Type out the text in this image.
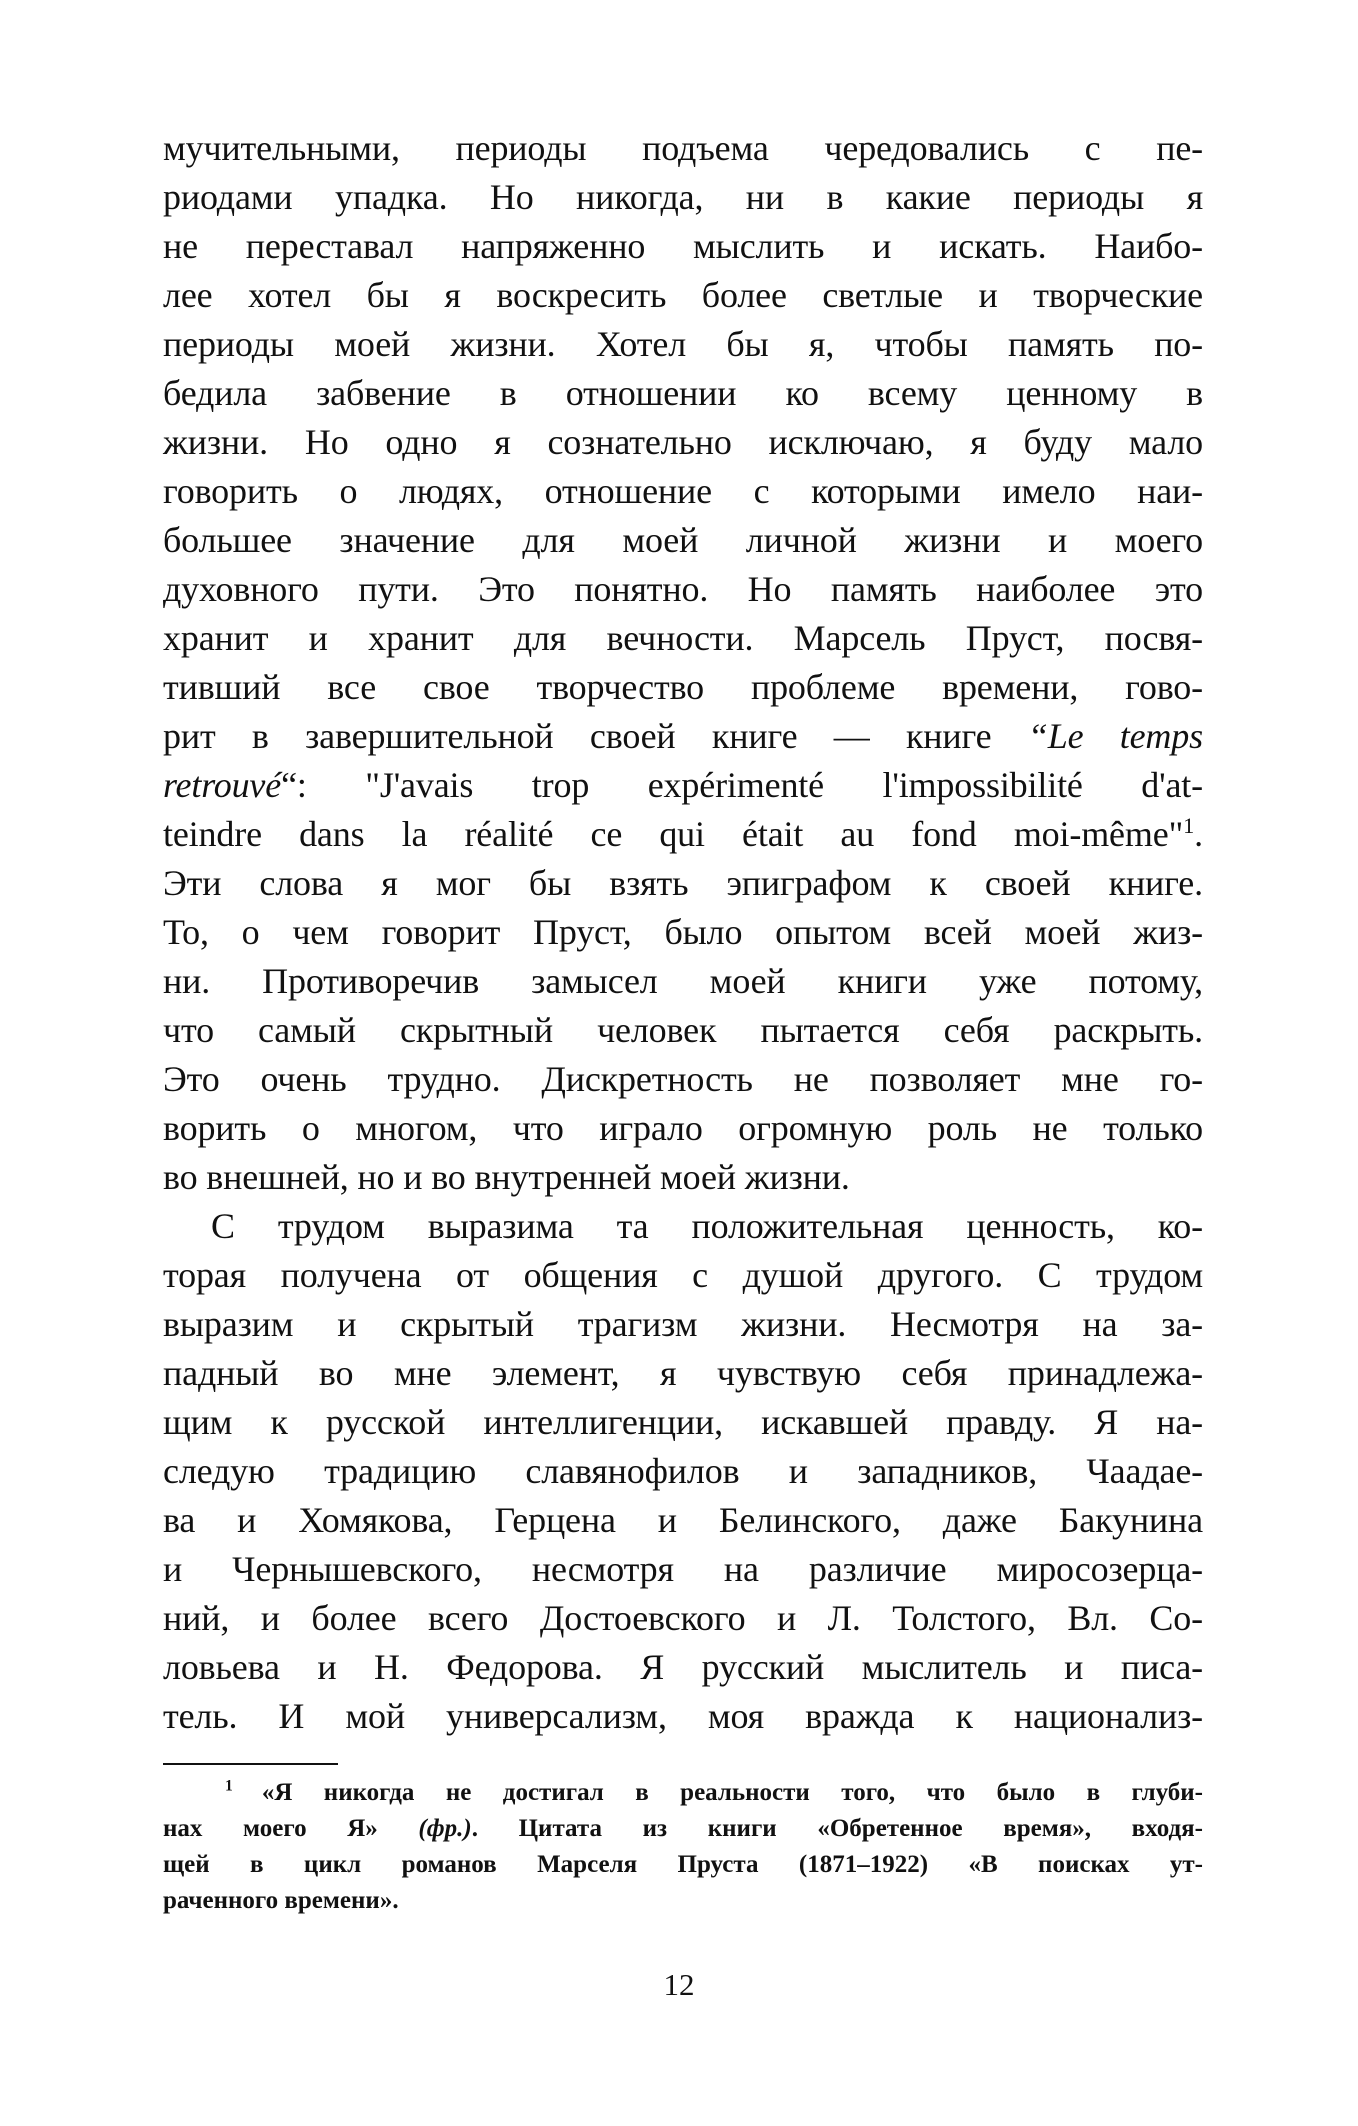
мучительными, периоды подъема чередовались с пе-
риодами упадка. Но никогда, ни в какие периоды я
не переставал напряженно мыслить и искать. Наибо-
лее хотел бы я воскресить более светлые и творческие
периоды моей жизни. Хотел бы я, чтобы память по-
бедила забвение в отношении ко всему ценному в
жизни. Но одно я сознательно исключаю, я буду мало
говорить о людях, отношение с которыми имело наи-
большее значение для моей личной жизни и моего
духовного пути. Это понятно. Но память наиболее это
хранит и хранит для вечности. Марсель Пруст, посвя-
тивший все свое творчество проблеме времени, гово-
рит в завершительной своей книге — книге “Le temps
retrouvé“: "J'avais trop expérimenté l'impossibilité d'at-
teindre dans la réalité ce qui était au fond moi-même"$^1$.
Эти слова я мог бы взять эпиграфом к своей книге.
То, о чем говорит Пруст, было опытом всей моей жиз-
ни. Противоречив замысел моей книги уже потому,
что самый скрытный человек пытается себя раскрыть.
Это очень трудно. Дискретность не позволяет мне го-
ворить о многом, что играло огромную роль не только
во внешней, но и во внутренней моей жизни.
С трудом выразима та положительная ценность, ко-
торая получена от общения с душой другого. С трудом
выразим и скрытый трагизм жизни. Несмотря на за-
падный во мне элемент, я чувствую себя принадлежа-
щим к русской интеллигенции, искавшей правду. Я на-
следую традицию славянофилов и западников, Чаадае-
ва и Хомякова, Герцена и Белинского, даже Бакунина
и Чернышевского, несмотря на различие миросозерца-
ний, и более всего Достоевского и Л. Толстого, Вл. Со-
ловьева и Н. Федорова. Я русский мыслитель и писа-
тель. И мой универсализм, моя вражда к национализ-
$^1$ «Я никогда не достигал в реальности того, что было в глуби-
нах моего Я» (фр.). Цитата из книги «Обретенное время», входя-
щей в цикл романов Марселя Пруста (1871–1922) «В поисках ут-
раченного времени».
12
